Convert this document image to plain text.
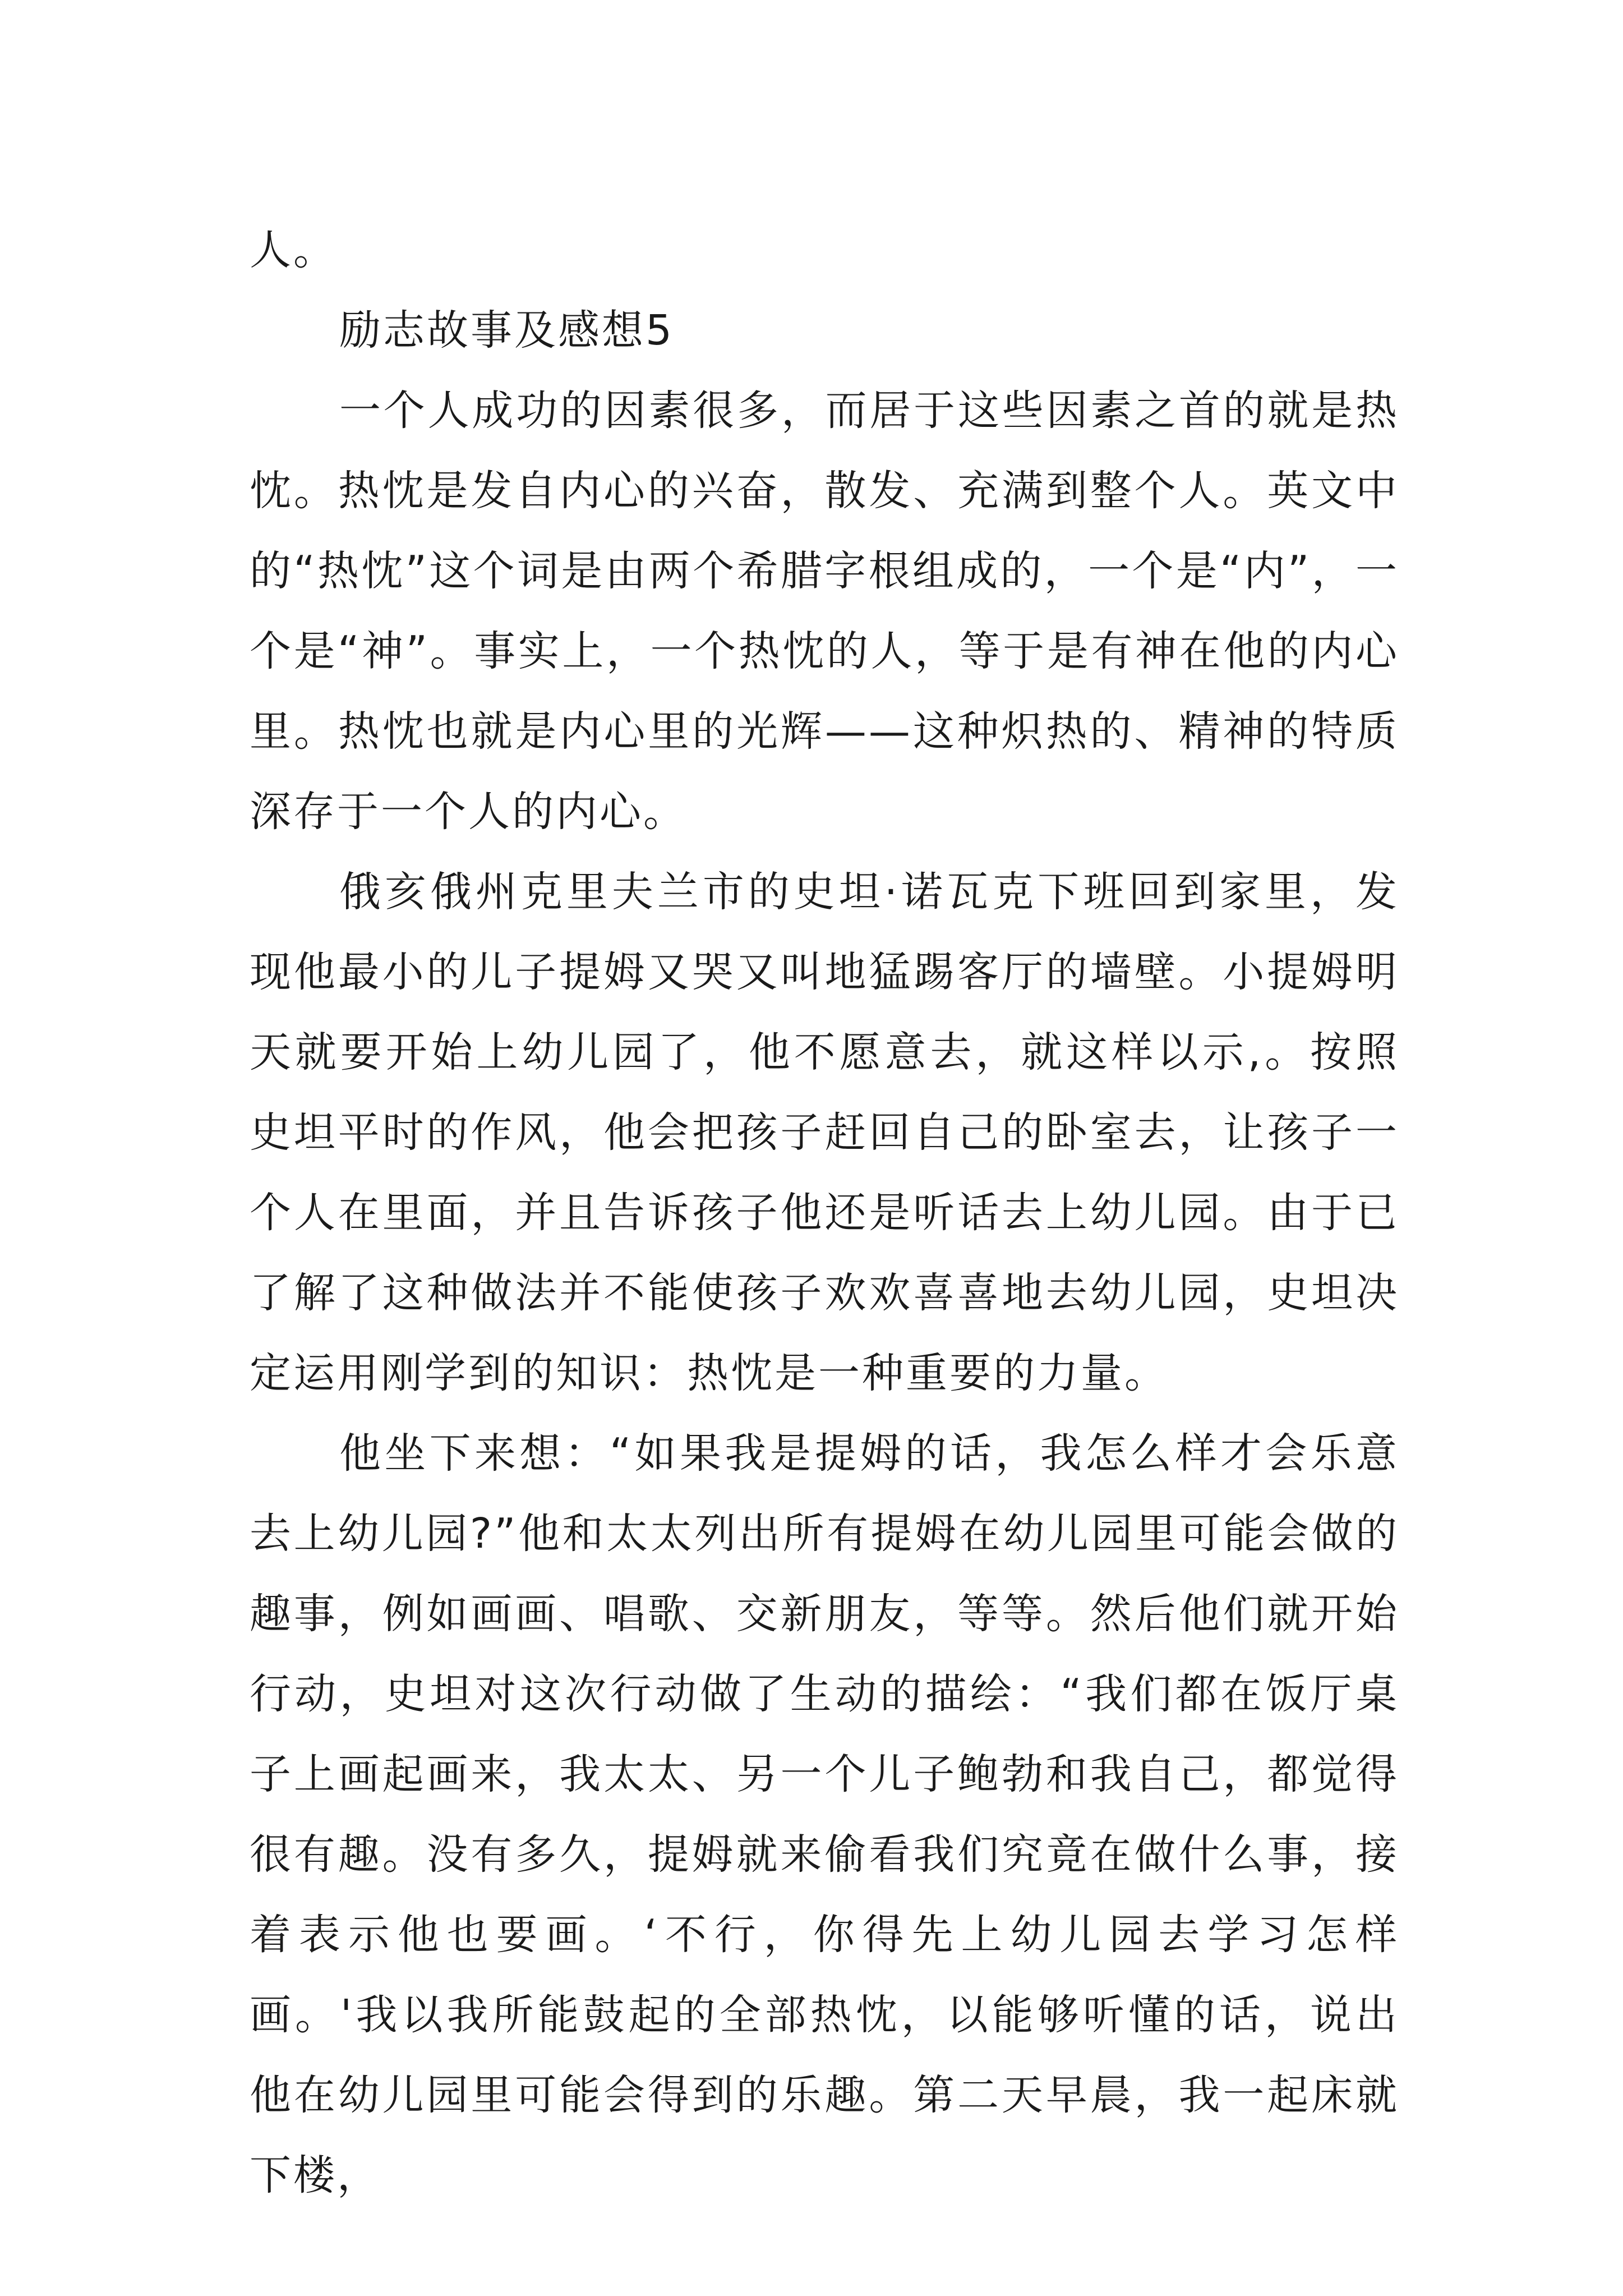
人。

励志故事及感想5

一个人成功的因素很多，而居于这些因素之首的就是热忱。热忱是发自内心的兴奋，散发、充满到整个人。英文中的“热忱”这个词是由两个希腊字根组成的，一个是“内”，一个是“神”。事实上，一个热忱的人，等于是有神在他的内心里。热忱也就是内心里的光辉——这种炽热的、精神的特质深存于一个人的内心。

俄亥俄州克里夫兰市的史坦·诺瓦克下班回到家里，发现他最小的儿子提姆又哭又叫地猛踢客厅的墙壁。小提姆明天就要开始上幼儿园了，他不愿意去，就这样以示,。按照史坦平时的作风，他会把孩子赶回自己的卧室去，让孩子一个人在里面，并且告诉孩子他还是听话去上幼儿园。由于已了解了这种做法并不能使孩子欢欢喜喜地去幼儿园，史坦决定运用刚学到的知识：热忱是一种重要的力量。

他坐下来想：“如果我是提姆的话，我怎么样才会乐意去上幼儿园?”他和太太列出所有提姆在幼儿园里可能会做的趣事，例如画画、唱歌、交新朋友，等等。然后他们就开始行动，史坦对这次行动做了生动的描绘：“我们都在饭厅桌子上画起画来，我太太、另一个儿子鲍勃和我自己，都觉得很有趣。没有多久，提姆就来偷看我们究竟在做什么事，接着表示他也要画。‘不行，你得先上幼儿园去学习怎样画。'我以我所能鼓起的全部热忱，以能够听懂的话，说出他在幼儿园里可能会得到的乐趣。第二天早晨，我一起床就下楼，
